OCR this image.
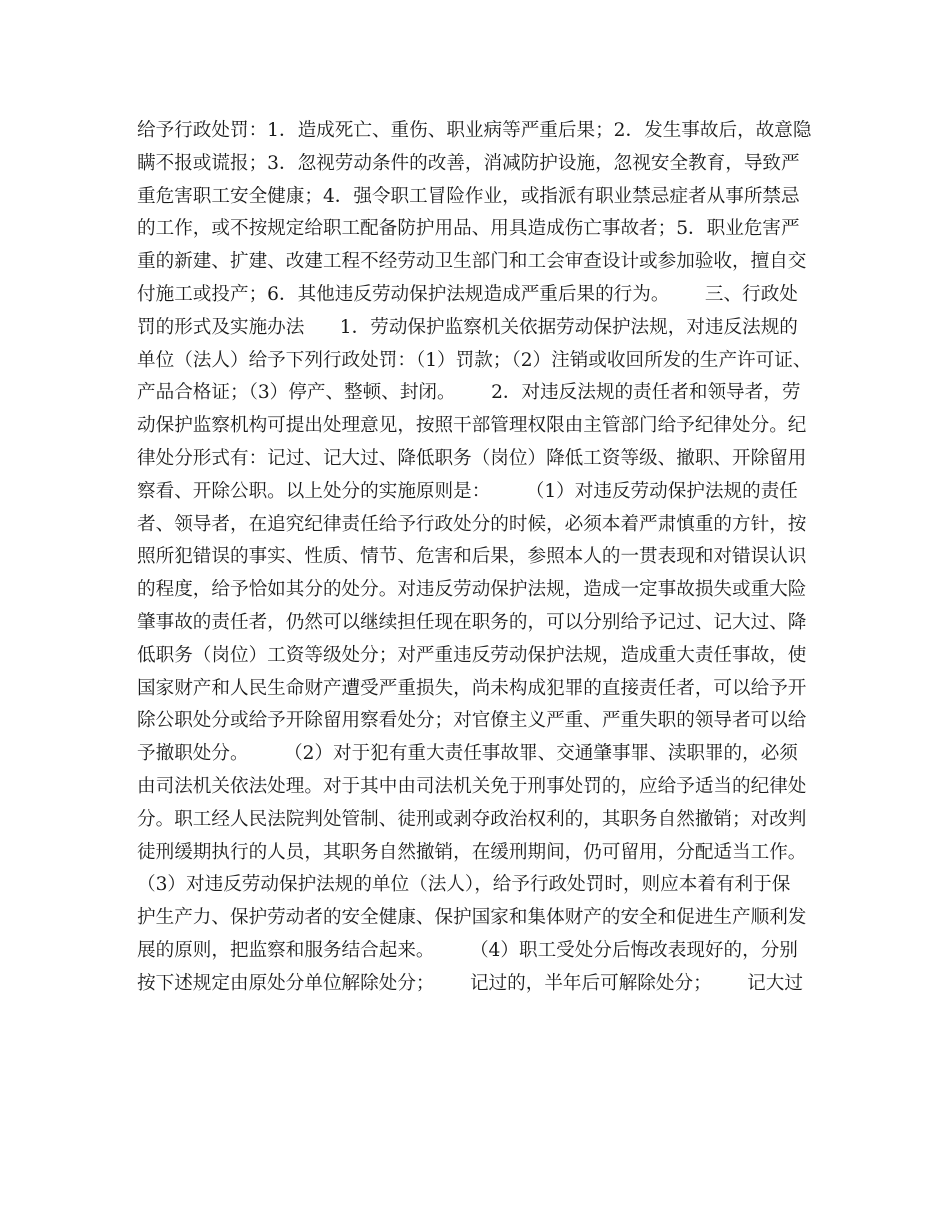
给予行政处罚：1．造成死亡、重伤、职业病等严重后果；2．发生事故后，故意隐
瞒不报或谎报；3．忽视劳动条件的改善，消减防护设施，忽视安全教育，导致严
重危害职工安全健康；4．强令职工冒险作业，或指派有职业禁忌症者从事所禁忌
的工作，或不按规定给职工配备防护用品、用具造成伤亡事故者；5．职业危害严
重的新建、扩建、改建工程不经劳动卫生部门和工会审查设计或参加验收，擅自交
付施工或投产；6．其他违反劳动保护法规造成严重后果的行为。      三、行政处
罚的形式及实施办法      1．劳动保护监察机关依据劳动保护法规，对违反法规的
单位（法人）给予下列行政处罚：（1）罚款；（2）注销或收回所发的生产许可证、
产品合格证；（3）停产、整顿、封闭。      2．对违反法规的责任者和领导者，劳
动保护监察机构可提出处理意见，按照干部管理权限由主管部门给予纪律处分。纪
律处分形式有：记过、记大过、降低职务（岗位）降低工资等级、撤职、开除留用
察看、开除公职。以上处分的实施原则是：      （1）对违反劳动保护法规的责任
者、领导者，在追究纪律责任给予行政处分的时候，必须本着严肃慎重的方针，按
照所犯错误的事实、性质、情节、危害和后果，参照本人的一贯表现和对错误认识
的程度，给予恰如其分的处分。对违反劳动保护法规，造成一定事故损失或重大险
肇事故的责任者，仍然可以继续担任现在职务的，可以分别给予记过、记大过、降
低职务（岗位）工资等级处分；对严重违反劳动保护法规，造成重大责任事故，使
国家财产和人民生命财产遭受严重损失，尚未构成犯罪的直接责任者，可以给予开
除公职处分或给予开除留用察看处分；对官僚主义严重、严重失职的领导者可以给
予撤职处分。      （2）对于犯有重大责任事故罪、交通肇事罪、渎职罪的，必须
由司法机关依法处理。对于其中由司法机关免于刑事处罚的，应给予适当的纪律处
分。职工经人民法院判处管制、徒刑或剥夺政治权利的，其职务自然撤销；对改判
徒刑缓期执行的人员，其职务自然撤销，在缓刑期间，仍可留用，分配适当工作。
（3）对违反劳动保护法规的单位（法人），给予行政处罚时，则应本着有利于保
护生产力、保护劳动者的安全健康、保护国家和集体财产的安全和促进生产顺利发
展的原则，把监察和服务结合起来。      （4）职工受处分后悔改表现好的，分别
按下述规定由原处分单位解除处分；      记过的，半年后可解除处分；      记大过
